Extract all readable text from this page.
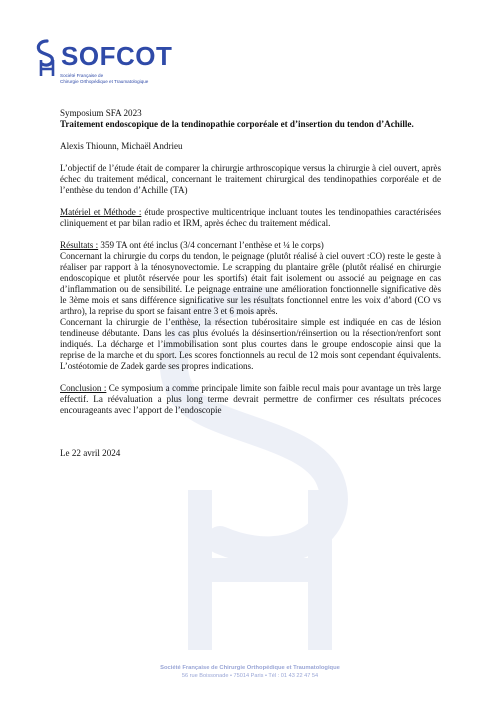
SOFCOT
Société Française de
Chirurgie Orthopédique et Traumatologique

Symposium SFA 2023

Traitement endoscopique de la tendinopathie corporéale et d’insertion du tendon d’Achille.

Alexis Thiounn, Michaël Andrieu

L’objectif de l’étude était de comparer la chirurgie arthroscopique versus la chirurgie à ciel ouvert, après échec du traitement médical, concernant le traitement chirurgical des tendinopathies corporéale et de l’enthèse du tendon d’Achille (TA)

Matériel et Méthode : étude prospective multicentrique incluant toutes les tendinopathies caractérisées cliniquement et par bilan radio et IRM, après échec du traitement médical.

Résultats : 359 TA ont été inclus (3/4 concernant l’enthèse et ¼ le corps)

Concernant la chirurgie du corps du tendon, le peignage (plutôt réalisé à ciel ouvert :CO) reste le geste à réaliser par rapport à la ténosynovectomie. Le scrapping du plantaire grêle (plutôt réalisé en chirurgie endoscopique et plutôt réservée pour les sportifs) était fait isolement ou associé au peignage en cas d’inflammation ou de sensibilité. Le peignage entraine une amélioration fonctionnelle significative dès le 3ème mois et sans différence significative sur les résultats fonctionnel entre les voix d’abord (CO vs arthro), la reprise du sport se faisant entre 3 et 6 mois après.

Concernant la chirurgie de l’enthèse, la résection tubérositaire simple est indiquée en cas de lésion tendineuse débutante. Dans les cas plus évolués la désinsertion/réinsertion ou la résection/renfort sont indiqués. La décharge et l’immobilisation sont plus courtes dans le groupe endoscopie ainsi que la reprise de la marche et du sport. Les scores fonctionnels au recul de 12 mois sont cependant équivalents. L’ostéotomie de Zadek garde ses propres indications.

Conclusion : Ce symposium a comme principale limite son faible recul mais pour avantage un très large effectif. La réévaluation a plus long terme devrait permettre de confirmer ces résultats précoces encourageants avec l’apport de l’endoscopie

Le 22 avril 2024

Société Française de Chirurgie Orthopédique et Traumatologique
56 rue Boissonade • 75014 Paris • Tél : 01 43 22 47 54
